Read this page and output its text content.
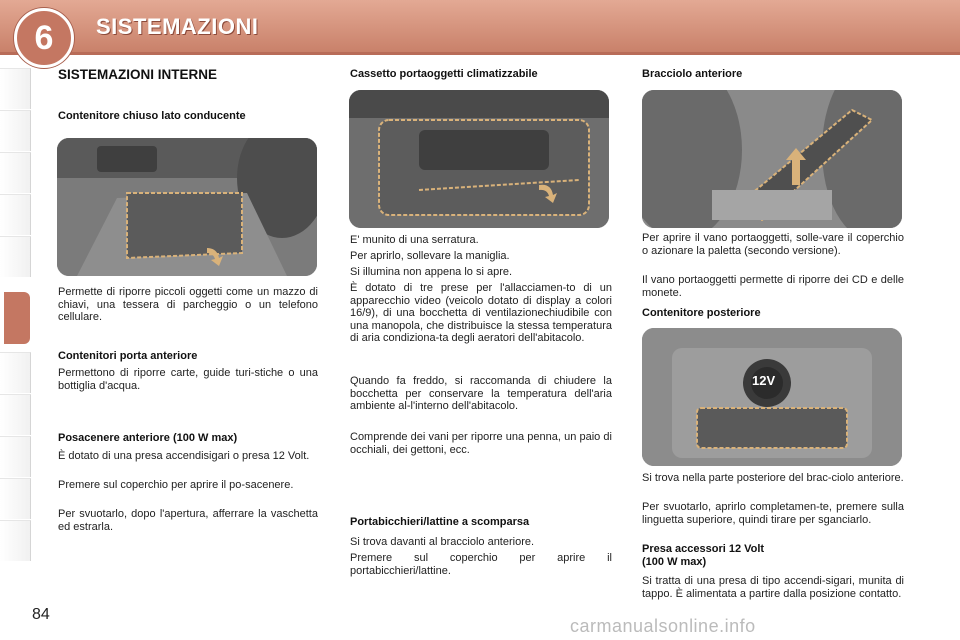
6	SISTEMAZIONI
SISTEMAZIONI INTERNE
Contenitore chiuso lato conducente

Permette di riporre piccoli oggetti come un mazzo di chiavi, una tessera di parcheggio o un telefono cellulare.

Contenitori porta anteriore

Permettono di riporre carte, guide turi-stiche o una bottiglia d'acqua.

Posacenere anteriore (100 W max)

È dotato di una presa accendisigari o presa 12 Volt.

Premere sul coperchio per aprire il po-sacenere.

Per svuotarlo, dopo l'apertura, afferrare la vaschetta ed estrarla.

Cassetto portaoggetti climatizzabile

E' munito di una serratura.

Per aprirlo, sollevare la maniglia.

Si illumina non appena lo si apre.

È dotato di tre prese per l'allacciamen-to di un apparecchio video (veicolo dotato di display a colori 16/9), di una bocchetta di ventilazionechiudibile con una manopola, che distribuisce la stessa temperatura di aria condiziona-ta degli aeratori dell'abitacolo.

Quando fa freddo, si raccomanda di chiudere la bocchetta per conservare la temperatura dell'aria ambiente al-l'interno dell'abitacolo.

Comprende dei vani per riporre una penna, un paio di occhiali, dei gettoni, ecc.

Portabicchieri/lattine a scomparsa

Si trova davanti al bracciolo anteriore.

Premere sul coperchio per aprire il portabicchieri/lattine.

Bracciolo anteriore

Per aprire il vano portaoggetti, solle-vare il coperchio o azionare la paletta (secondo versione).

Il vano portaoggetti permette di riporre dei CD e delle monete.

Contenitore posteriore
12V

Si trova nella parte posteriore del brac-ciolo anteriore.

Per svuotarlo, aprirlo completamen-te, premere sulla linguetta superiore, quindi tirare per sganciarlo.

Presa accessori 12 Volt
(100 W max)

Si tratta di una presa di tipo accendi-sigari, munita di tappo. È alimentata a partire dalla posizione contatto.

84
carmanualsonline.info
